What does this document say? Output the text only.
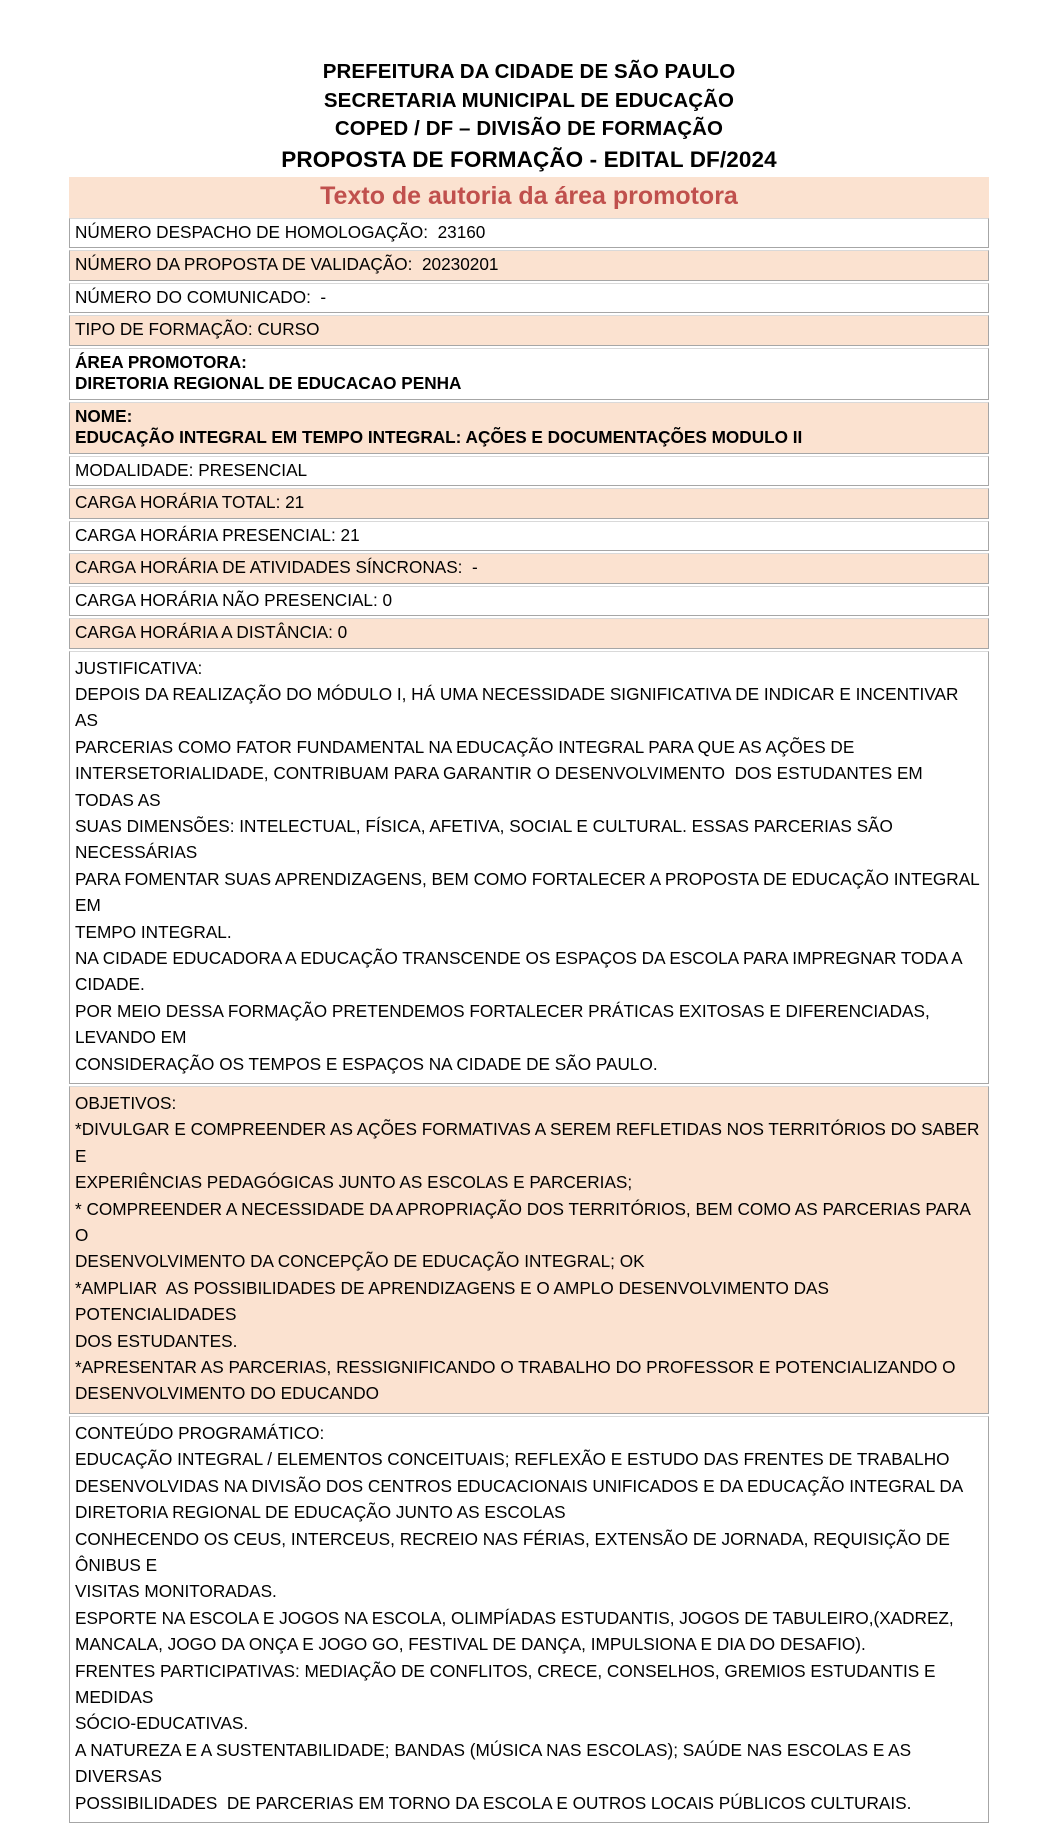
PREFEITURA DA CIDADE DE SÃO PAULO
SECRETARIA MUNICIPAL DE EDUCAÇÃO
COPED / DF – DIVISÃO DE FORMAÇÃO
PROPOSTA DE FORMAÇÃO - EDITAL DF/2024
Texto de autoria da área promotora
NÚMERO DESPACHO DE HOMOLOGAÇÃO:  23160
NÚMERO DA PROPOSTA DE VALIDAÇÃO:  20230201
NÚMERO DO COMUNICADO:  -
TIPO DE FORMAÇÃO: CURSO
ÁREA PROMOTORA:
DIRETORIA REGIONAL DE EDUCACAO PENHA
NOME:
EDUCAÇÃO INTEGRAL EM TEMPO INTEGRAL: AÇÕES E DOCUMENTAÇÕES MODULO II
MODALIDADE: PRESENCIAL
CARGA HORÁRIA TOTAL: 21
CARGA HORÁRIA PRESENCIAL: 21
CARGA HORÁRIA DE ATIVIDADES SÍNCRONAS:  -
CARGA HORÁRIA NÃO PRESENCIAL: 0
CARGA HORÁRIA A DISTÂNCIA: 0
JUSTIFICATIVA:
DEPOIS DA REALIZAÇÃO DO MÓDULO I, HÁ UMA NECESSIDADE SIGNIFICATIVA DE INDICAR E INCENTIVAR AS
PARCERIAS COMO FATOR FUNDAMENTAL NA EDUCAÇÃO INTEGRAL PARA QUE AS AÇÕES DE
INTERSETORIALIDADE, CONTRIBUAM PARA GARANTIR O DESENVOLVIMENTO  DOS ESTUDANTES EM TODAS AS
SUAS DIMENSÕES: INTELECTUAL, FÍSICA, AFETIVA, SOCIAL E CULTURAL. ESSAS PARCERIAS SÃO NECESSÁRIAS
PARA FOMENTAR SUAS APRENDIZAGENS, BEM COMO FORTALECER A PROPOSTA DE EDUCAÇÃO INTEGRAL EM
TEMPO INTEGRAL.
NA CIDADE EDUCADORA A EDUCAÇÃO TRANSCENDE OS ESPAÇOS DA ESCOLA PARA IMPREGNAR TODA A CIDADE.
POR MEIO DESSA FORMAÇÃO PRETENDEMOS FORTALECER PRÁTICAS EXITOSAS E DIFERENCIADAS, LEVANDO EM
CONSIDERAÇÃO OS TEMPOS E ESPAÇOS NA CIDADE DE SÃO PAULO.
OBJETIVOS:
*DIVULGAR E COMPREENDER AS AÇÕES FORMATIVAS A SEREM REFLETIDAS NOS TERRITÓRIOS DO SABER E
EXPERIÊNCIAS PEDAGÓGICAS JUNTO AS ESCOLAS E PARCERIAS;
* COMPREENDER A NECESSIDADE DA APROPRIAÇÃO DOS TERRITÓRIOS, BEM COMO AS PARCERIAS PARA O
DESENVOLVIMENTO DA CONCEPÇÃO DE EDUCAÇÃO INTEGRAL; OK
*AMPLIAR  AS POSSIBILIDADES DE APRENDIZAGENS E O AMPLO DESENVOLVIMENTO DAS POTENCIALIDADES
DOS ESTUDANTES.
*APRESENTAR AS PARCERIAS, RESSIGNIFICANDO O TRABALHO DO PROFESSOR E POTENCIALIZANDO O
DESENVOLVIMENTO DO EDUCANDO
CONTEÚDO PROGRAMÁTICO:
EDUCAÇÃO INTEGRAL / ELEMENTOS CONCEITUAIS; REFLEXÃO E ESTUDO DAS FRENTES DE TRABALHO
DESENVOLVIDAS NA DIVISÃO DOS CENTROS EDUCACIONAIS UNIFICADOS E DA EDUCAÇÃO INTEGRAL DA
DIRETORIA REGIONAL DE EDUCAÇÃO JUNTO AS ESCOLAS
CONHECENDO OS CEUS, INTERCEUS, RECREIO NAS FÉRIAS, EXTENSÃO DE JORNADA, REQUISIÇÃO DE ÔNIBUS E
VISITAS MONITORADAS.
ESPORTE NA ESCOLA E JOGOS NA ESCOLA, OLIMPÍADAS ESTUDANTIS, JOGOS DE TABULEIRO,(XADREZ,
MANCALA, JOGO DA ONÇA E JOGO GO, FESTIVAL DE DANÇA, IMPULSIONA E DIA DO DESAFIO).
FRENTES PARTICIPATIVAS: MEDIAÇÃO DE CONFLITOS, CRECE, CONSELHOS, GREMIOS ESTUDANTIS E MEDIDAS
SÓCIO-EDUCATIVAS.
A NATUREZA E A SUSTENTABILIDADE; BANDAS (MÚSICA NAS ESCOLAS); SAÚDE NAS ESCOLAS E AS DIVERSAS
POSSIBILIDADES  DE PARCERIAS EM TORNO DA ESCOLA E OUTROS LOCAIS PÚBLICOS CULTURAIS.
